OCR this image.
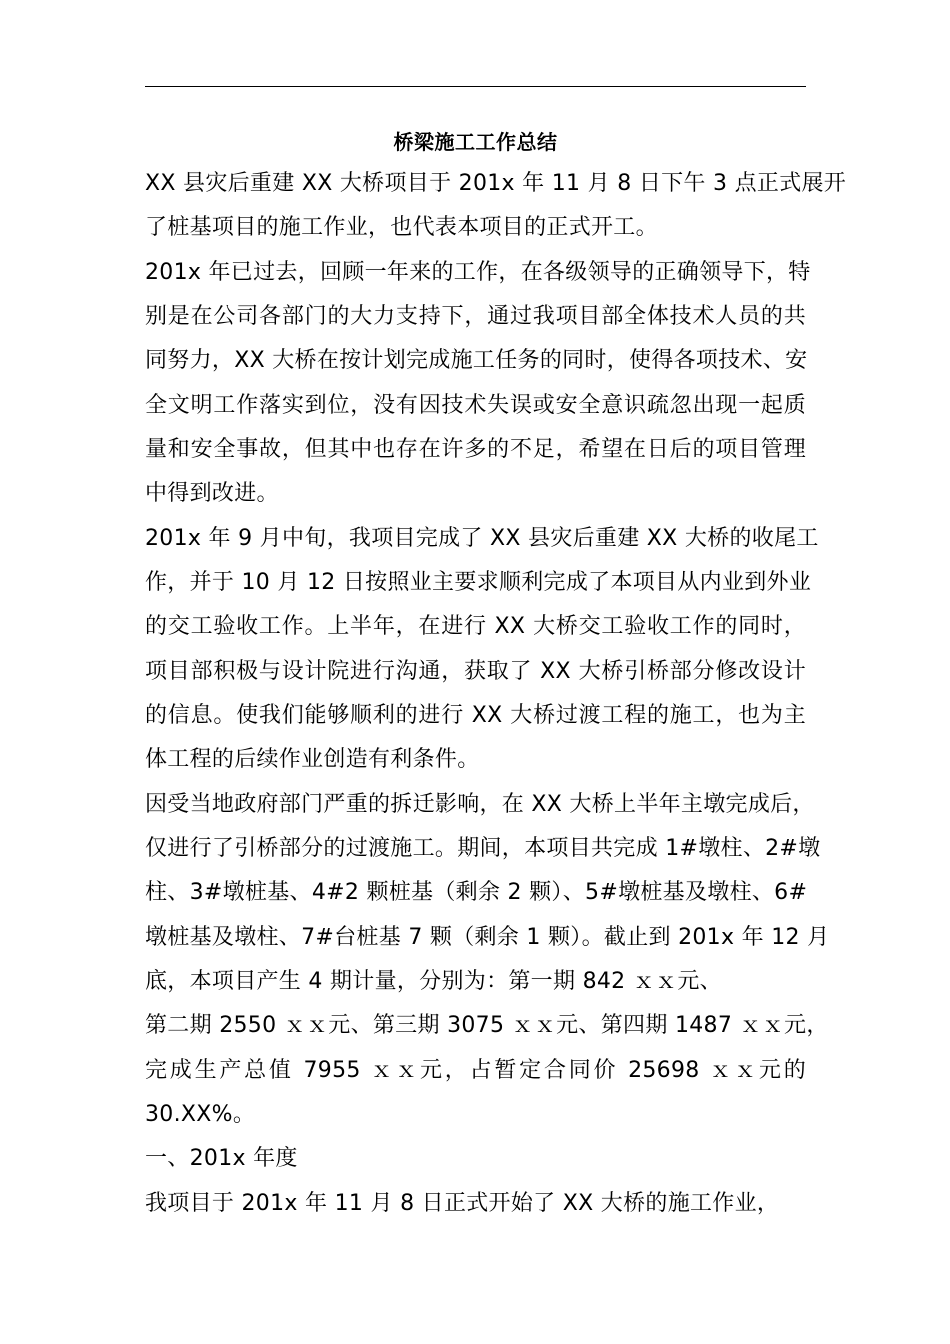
桥梁施工工作总结
XX 县灾后重建 XX 大桥项目于 201x 年 11 月 8 日下午 3 点正式展开
了桩基项目的施工作业，也代表本项目的正式开工。
201x 年已过去，回顾一年来的工作，在各级领导的正确领导下，特
别是在公司各部门的大力支持下，通过我项目部全体技术人员的共
同努力，XX 大桥在按计划完成施工任务的同时，使得各项技术、安
全文明工作落实到位，没有因技术失误或安全意识疏忽出现一起质
量和安全事故，但其中也存在许多的不足，希望在日后的项目管理
中得到改进。
201x 年 9 月中旬，我项目完成了 XX 县灾后重建 XX 大桥的收尾工
作，并于 10 月 12 日按照业主要求顺利完成了本项目从内业到外业
的交工验收工作。上半年，在进行 XX 大桥交工验收工作的同时，
项目部积极与设计院进行沟通，获取了 XX 大桥引桥部分修改设计
的信息。使我们能够顺利的进行 XX 大桥过渡工程的施工，也为主
体工程的后续作业创造有利条件。
因受当地政府部门严重的拆迁影响，在 XX 大桥上半年主墩完成后，
仅进行了引桥部分的过渡施工。期间，本项目共完成 1#墩柱、2#墩
柱、3#墩桩基、4#2 颗桩基（剩余 2 颗）、5#墩桩基及墩柱、6#
墩桩基及墩柱、7#台桩基 7 颗（剩余 1 颗）。截止到 201x 年 12 月
底，本项目产生 4 期计量，分别为：第一期 842 ｘｘ元、
第二期 2550 ｘｘ元、第三期 3075 ｘｘ元、第四期 1487 ｘｘ元，
完成生产总值 7955 ｘｘ元，占暂定合同价 25698 ｘｘ元的
30.XX%。
一、201x 年度
我项目于 201x 年 11 月 8 日正式开始了 XX 大桥的施工作业，
